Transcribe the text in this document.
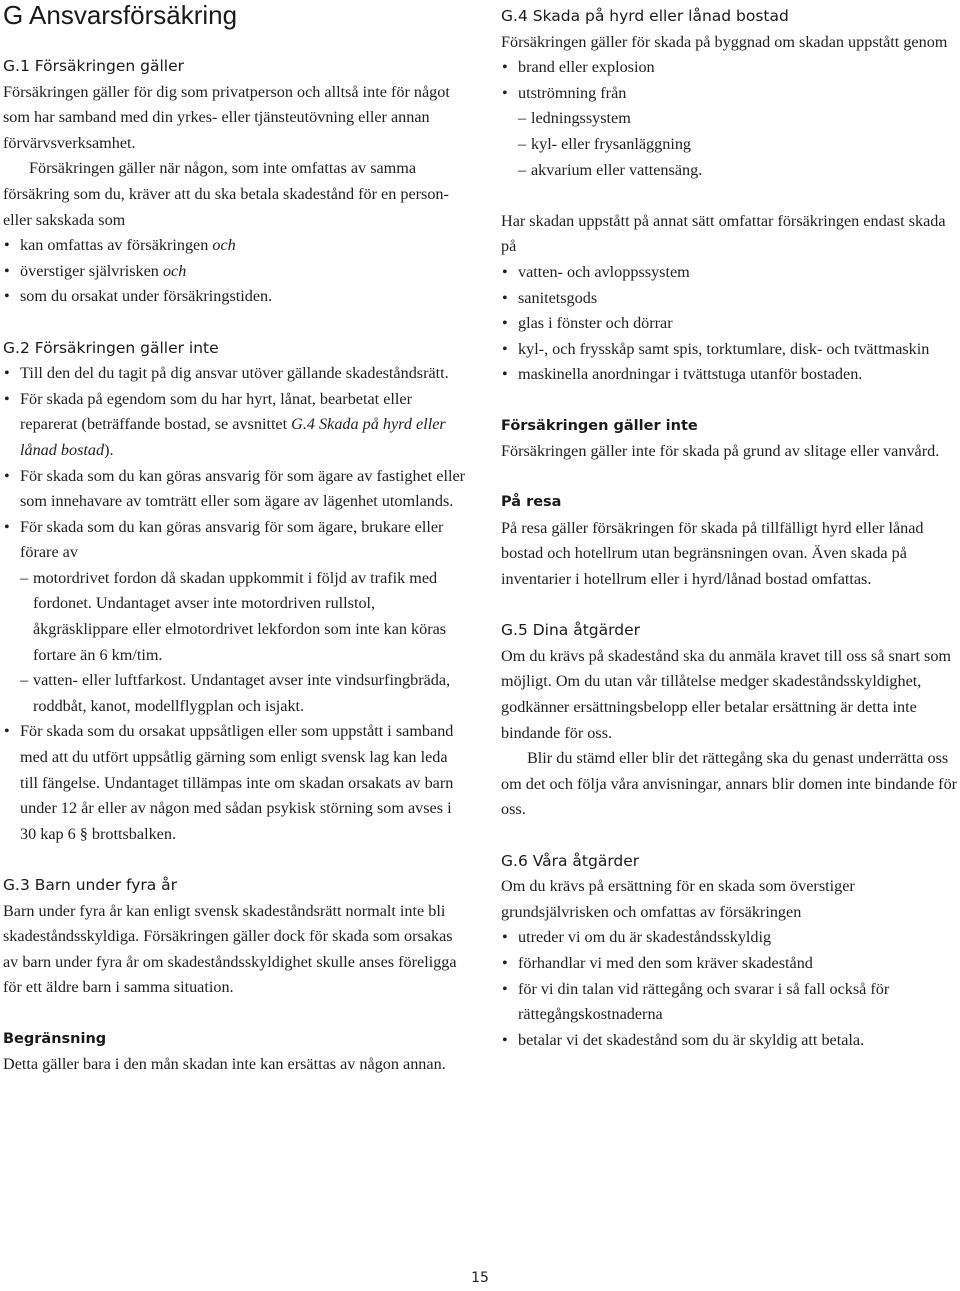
G Ansvarsförsäkring
G.1 Försäkringen gäller

Försäkringen gäller för dig som privatperson och alltså inte för något som har samband med din yrkes- eller tjänsteutövning eller annan förvärvsverksamhet.

Försäkringen gäller när någon, som inte omfattas av samma försäkring som du, kräver att du ska betala skadestånd för en person- eller sakskada som

• kan omfattas av försäkringen och
• överstiger självrisken och
• som du orsakat under försäkringstiden.
G.2 Försäkringen gäller inte
• Till den del du tagit på dig ansvar utöver gällande skadeståndsrätt.
• För skada på egendom som du har hyrt, lånat, bearbetat eller reparerat (beträffande bostad, se avsnittet G.4 Skada på hyrd eller lånad bostad).
• För skada som du kan göras ansvarig för som ägare av fastighet eller som innehavare av tomträtt eller som ägare av lägenhet utomlands.
• För skada som du kan göras ansvarig för som ägare, brukare eller förare av
– motordrivet fordon då skadan uppkommit i följd av trafik med fordonet. Undantaget avser inte motordriven rullstol, åkgräsklippare eller elmotordrivet lekfordon som inte kan köras fortare än 6 km/tim.
– vatten- eller luftfarkost. Undantaget avser inte vindsurfingbräda, roddbåt, kanot, modellflygplan och isjakt.
• För skada som du orsakat uppsåtligen eller som uppstått i samband med att du utfört uppsåtlig gärning som enligt svensk lag kan leda till fängelse. Undantaget tillämpas inte om skadan orsakats av barn under 12 år eller av någon med sådan psykisk störning som avses i 30 kap 6 § brottsbalken.
G.3 Barn under fyra år

Barn under fyra år kan enligt svensk skadeståndsrätt normalt inte bli skadeståndsskyldiga. Försäkringen gäller dock för skada som orsakas av barn under fyra år om skadeståndsskyldighet skulle anses föreligga för ett äldre barn i samma situation.

Begränsning

Detta gäller bara i den mån skadan inte kan ersättas av någon annan.

G.4 Skada på hyrd eller lånad bostad

Försäkringen gäller för skada på byggnad om skadan uppstått genom

• brand eller explosion
• utströmning från
– ledningssystem
– kyl- eller frysanläggning
– akvarium eller vattensäng.

Har skadan uppstått på annat sätt omfattar försäkringen endast skada på

• vatten- och avloppssystem
• sanitetsgods
• glas i fönster och dörrar
• kyl-, och frysskåp samt spis, torktumlare, disk- och tvättmaskin
• maskinella anordningar i tvättstuga utanför bostaden.
Försäkringen gäller inte

Försäkringen gäller inte för skada på grund av slitage eller vanvård.

På resa

På resa gäller försäkringen för skada på tillfälligt hyrd eller lånad bostad och hotellrum utan begränsningen ovan. Även skada på inventarier i hotellrum eller i hyrd/lånad bostad omfattas.

G.5 Dina åtgärder

Om du krävs på skadestånd ska du anmäla kravet till oss så snart som möjligt. Om du utan vår tillåtelse medger skadeståndsskyldighet, godkänner ersättningsbelopp eller betalar ersättning är detta inte bindande för oss.

Blir du stämd eller blir det rättegång ska du genast underrätta oss om det och följa våra anvisningar, annars blir domen inte bindande för oss.

G.6 Våra åtgärder

Om du krävs på ersättning för en skada som överstiger grundsjälvrisken och omfattas av försäkringen

• utreder vi om du är skadeståndsskyldig
• förhandlar vi med den som kräver skadestånd
• för vi din talan vid rättegång och svarar i så fall också för rättegångskostnaderna
• betalar vi det skadestånd som du är skyldig att betala.
15
